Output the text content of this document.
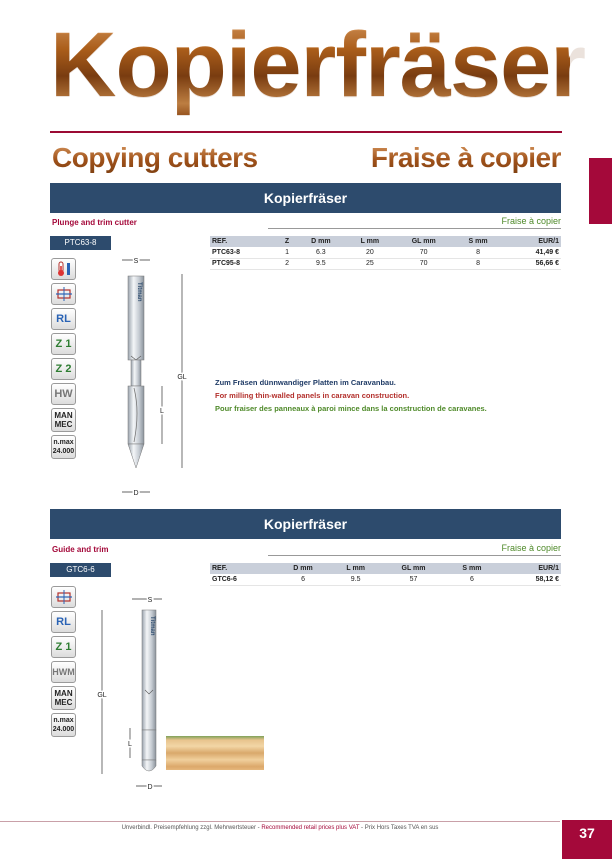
Kopierfräser
Copying cutters	Fraise à copier
Kopierfräser
Plunge and trim cutter	Fraise à copier
PTC63-8	REF.	Z	D mm	L mm	GL mm	S mm	EUR/1
PTC63-8	1	6.3	20	70	8	41,49 €
PTC95-8	2	9.5	25	70	8	56,66 €
RL
Z 1
Z 2
HW
MAN
MEC
n.max
24.000
S
Titman
GL
L
D
Zum Fräsen dünnwandiger Platten im Caravanbau.
For milling thin-walled panels in caravan construction.
Pour fraiser des panneaux à paroi mince dans la construction de caravanes.
Kopierfräser
Guide and trim	Fraise à copier
GTC6-6	REF.	D mm	L mm	GL mm	S mm	EUR/1
GTC6-6	6	9.5	57	6	58,12 €
RL
Z 1
HWM
MAN
MEC
n.max
24.000
S
Titman
GL
L
D
Unverbindl. Preisempfehlung zzgl. Mehrwertsteuer - Recommended retail prices plus VAT - Prix Hors Taxes TVA en sus	37
